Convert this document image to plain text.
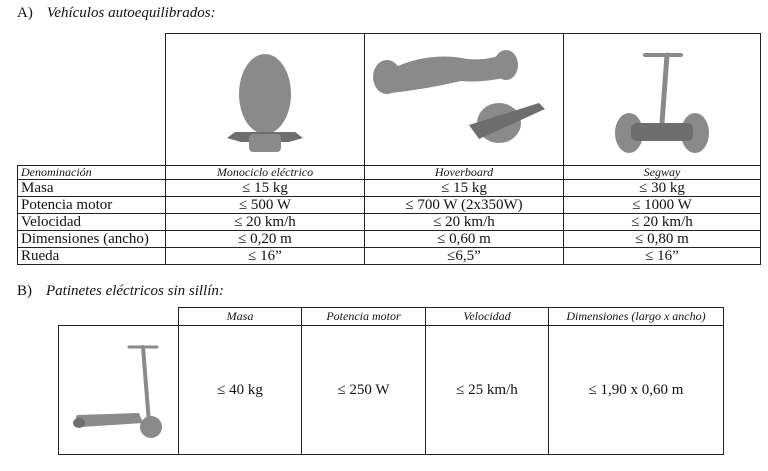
A) Vehículos autoequilibrados:

Denominación	Monociclo eléctrico	Hoverboard	Segway
Masa	≤ 15 kg	≤ 15 kg	≤ 30 kg
Potencia motor	≤ 500 W	≤ 700 W (2x350W)	≤ 1000 W
Velocidad	≤ 20 km/h	≤ 20 km/h	≤ 20 km/h
Dimensiones (ancho)	≤ 0,20 m	≤ 0,60 m	≤ 0,80 m
Rueda	≤ 16”	≤6,5”	≤ 16”
B) Patinetes eléctricos sin sillín:
	Masa	Potencia motor	Velocidad	Dimensiones (largo x ancho)
	≤ 40 kg	≤ 250 W	≤ 25 km/h	≤ 1,90 x 0,60 m
